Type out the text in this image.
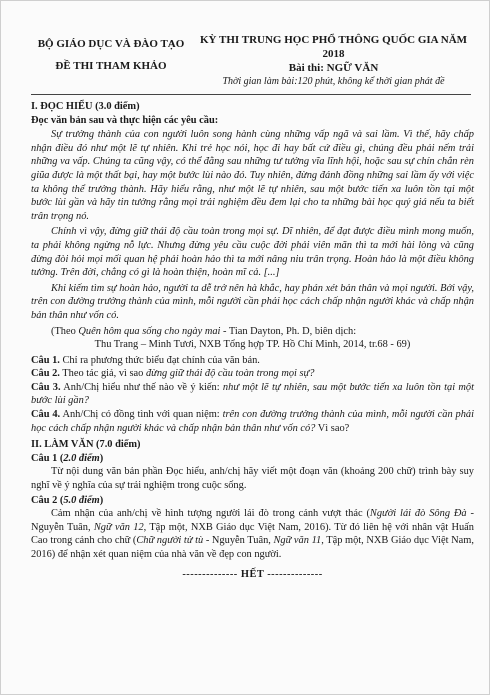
BỘ GIÁO DỤC VÀ ĐÀO TẠO
ĐỀ THI THAM KHẢO
KỲ THI TRUNG HỌC PHỔ THÔNG QUỐC GIA NĂM 2018
Bài thi: NGỮ VĂN
Thời gian làm bài:120 phút, không kể thời gian phát đề

I. ĐỌC HIỂU (3.0 điểm)

Đọc văn bản sau và thực hiện các yêu cầu:

Sự trưởng thành của con người luôn song hành cùng những vấp ngã và sai lầm. Vì thế, hãy chấp nhận điều đó như một lẽ tự nhiên. Khi trẻ học nói, học đi hay bất cứ điều gì, chúng đều phải nếm trải những va vấp. Chúng ta cũng vậy, có thể đằng sau những tư tưởng vĩa lĩnh hội, hoặc sau sự chín chắn rèn giũa được là một thất bại, hay một bước lùi nào đó. Tuy nhiên, đừng đánh đồng những sai lầm ấy với việc ta không thể trưởng thành. Hãy hiểu rằng, như một lẽ tự nhiên, sau một bước tiến xa luôn tồn tại một bước lùi gần và hãy tin tưởng rằng mọi trải nghiệm đều đem lại cho ta những bài học quý giá nếu ta biết trân trọng nó.

Chính vì vậy, đừng giữ thái độ cầu toàn trong mọi sự. Dĩ nhiên, để đạt được điều mình mong muốn, ta phải không ngừng nỗ lực. Nhưng đừng yêu cầu cuộc đời phải viên mãn thì ta mới hài lòng và cũng đừng đòi hỏi mọi mối quan hệ phải hoàn hảo thì ta mới nâng niu trân trọng. Hoàn hảo là một điều không tưởng. Trên đời, chẳng có gì là hoàn thiện, hoàn mĩ cả. [...]

Khi kiếm tìm sự hoàn hảo, người ta dễ trở nên hà khắc, hay phán xét bản thân và mọi người. Bởi vậy, trên con đường trưởng thành của mình, mỗi người cần phải học cách chấp nhận người khác và chấp nhận bản thân như vốn có.

(Theo Quên hôm qua sống cho ngày mai - Tian Dayton, Ph. D, biên dịch:

Thu Trang – Minh Tươi, NXB Tổng hợp TP. Hồ Chí Minh, 2014, tr.68 - 69)

Câu 1. Chỉ ra phương thức biểu đạt chính của văn bản.

Câu 2. Theo tác giả, vì sao đừng giữ thái độ cầu toàn trong mọi sự?

Câu 3. Anh/Chị hiểu như thế nào về ý kiến: như một lẽ tự nhiên, sau một bước tiến xa luôn tồn tại một bước lùi gần?

Câu 4. Anh/Chị có đồng tình với quan niệm: trên con đường trưởng thành của mình, mỗi người cần phải học cách chấp nhận người khác và chấp nhận bản thân như vốn có? Vì sao?

II. LÀM VĂN (7.0 điểm)

Câu 1 (2.0 điểm)

Từ nội dung văn bản phần Đọc hiểu, anh/chị hãy viết một đoạn văn (khoảng 200 chữ) trình bày suy nghĩ về ý nghĩa của sự trải nghiệm trong cuộc sống.

Câu 2 (5.0 điểm)

Cảm nhận của anh/chị về hình tượng người lái đò trong cảnh vượt thác (Người lái đò Sông Đà - Nguyễn Tuân, Ngữ văn 12, Tập một, NXB Giáo dục Việt Nam, 2016). Từ đó liên hệ với nhân vật Huấn Cao trong cảnh cho chữ (Chữ người tử tù - Nguyễn Tuân, Ngữ văn 11, Tập một, NXB Giáo dục Việt Nam, 2016) để nhận xét quan niệm của nhà văn về đẹp con người.

-------------- HẾT --------------
